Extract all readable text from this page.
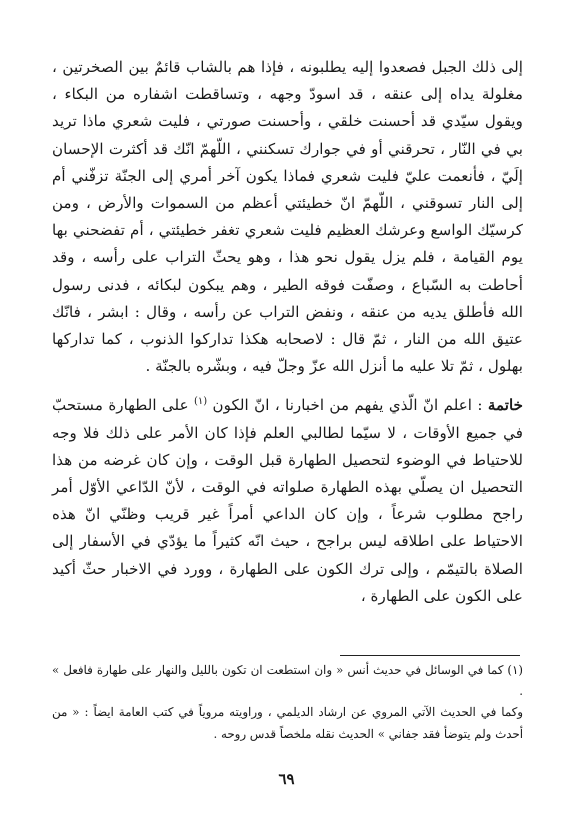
إلى ذلك الجبل فصعدوا إليه يطلبونه ، فإذا هم بالشاب قائمٌ بين الصخرتين ، مغلولة يداه إلى عنقه ، قد اسودّ وجهه ، وتساقطت اشفاره من البكاء ، ويقول سيّدي قد أحسنت خلقي ، وأحسنت صورتي ، فليت شعري ماذا تريد بي في النّار ، تحرقني أو في جوارك تسكنني ، اللّهمّ انّك قد أكثرت الإحسان إلَيّ ، فأنعمت عليّ فليت شعري فماذا يكون آخر أمري إلى الجنّة تزفّني أم إلى النار تسوقني ، اللّهمّ انّ خطيئتي أعظم من السموات والأرض ، ومن كرسيّك الواسع وعرشك العظيم فليت شعري تغفر خطيئتي ، أم تفضحني بها يوم القيامة ، فلم يزل يقول نحو هذا ، وهو يحثّ التراب على رأسه ، وقد أحاطت به السّباع ، وصفّت فوقه الطير ، وهم يبكون لبكائه ، فدنى رسول الله فأطلق يديه من عنقه ، ونفض التراب عن رأسه ، وقال : ابشر ، فانّك عتيق الله من النار ، ثمّ قال : لاصحابه هكذا تداركوا الذنوب ، كما تداركها بهلول ، ثمّ تلا عليه ما أنزل الله عزّ وجلّ فيه ، وبشّره بالجنّة .

خاتمة : اعلم انّ الّذي يفهم من اخبارنا ، انّ الكون $^{(١)}$ على الطهارة مستحبّ في جميع الأوقات ، لا سيّما لطالبي العلم فإذا كان الأمر على ذلك فلا وجه للاحتياط في الوضوء لتحصيل الطهارة قبل الوقت ، وإن كان غرضه من هذا التحصيل ان يصلّي بهذه الطهارة صلواته في الوقت ، لأنّ الدّاعي الأوّل أمر راجح مطلوب شرعاً ، وإن كان الداعي أمراً غير قريب وظنّي انّ هذه الاحتياط على اطلاقه ليس براجح ، حيث انّه كثيراً ما يؤدّي في الأسفار إلى الصلاة بالتيمّم ، وإلى ترك الكون على الطهارة ، وورد في الاخبار حثّ أكيد على الكون على الطهارة ،

(١) كما في الوسائل في حديث أنس « وان استطعت ان تكون بالليل والنهار على طهارة فافعل » .

وكما في الحديث الآتي المروي عن ارشاد الديلمي ، وراويته مروياً في كتب العامة ايضاً : « من أحدث ولم يتوضأ فقد جفاني » الحديث نقله ملخصاً قدس روحه .

٦٩
